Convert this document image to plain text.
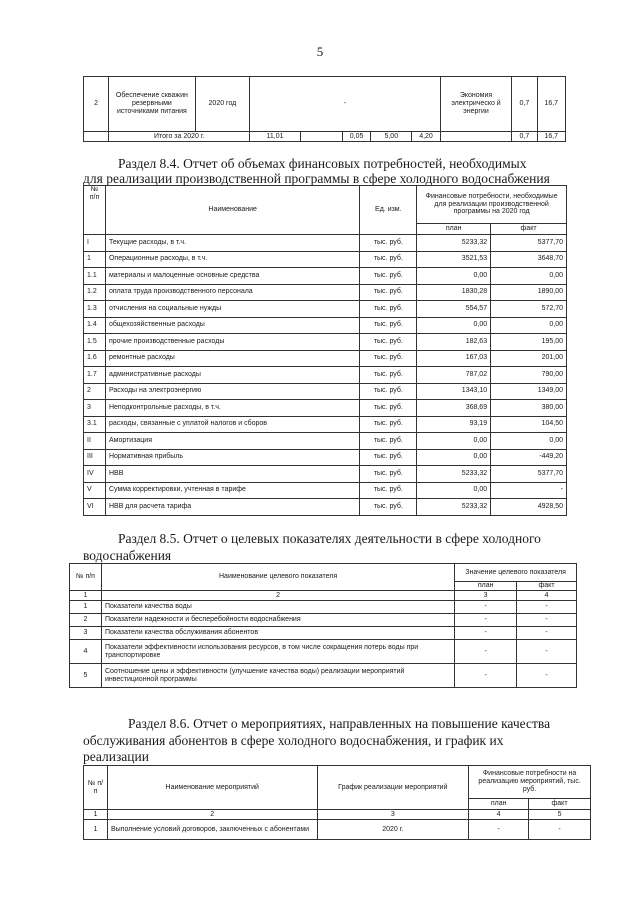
5
2	Обеспечение скважин резервными источниками питания	2020 год	-					Экономия электрическо й энергии	0,7	16,7
	Итого за 2020 г.		11,01		0,05	5,00	4,20		0,7	16,7
Раздел 8.4. Отчет об объемах финансовых потребностей, необходимых
для реализации производственной программы в сфере холодного водоснабжения
№ п/п	Наименование	Ед. изм.	Финансовые потребности, необходимые для реализации производственной программы на 2020 год	
			план	факт
I	Текущие расходы, в т.ч.	тыс. руб.	5233,32	5377,70
1	Операционные расходы, в т.ч.	тыс. руб.	3521,53	3648,70
1.1	материалы и малоценные основные средства	тыс. руб.	0,00	0,00
1.2	оплата труда производственного персонала	тыс. руб.	1830,28	1890,00
1.3	отчисления на социальные нужды	тыс. руб.	554,57	572,70
1.4	общехозяйственные расходы	тыс. руб.	0,00	0,00
1.5	прочие производственные расходы	тыс. руб.	182,63	195,00
1.6	ремонтные расходы	тыс. руб.	167,03	201,00
1.7	административные расходы	тыс. руб.	787,02	790,00
2	Расходы на электроэнергию	тыс. руб.	1343,10	1349,00
3	Неподконтрольные расходы, в т.ч.	тыс. руб.	368,69	380,00
3.1	расходы, связанные с уплатой налогов и сборов	тыс. руб.	93,19	104,50
II	Амортизация	тыс. руб.	0,00	0,00
III	Нормативная прибыль	тыс. руб.	0,00	-449,20
IV	НВВ	тыс. руб.	5233,32	5377,70
V	Сумма корректировки, учтенная в тарифе	тыс. руб.	0,00	-
VI	НВВ для расчета тарифа	тыс. руб.	5233,32	4928,50
Раздел 8.5. Отчет о целевых показателях деятельности в сфере холодного
водоснабжения
№ п/п	Наименование целевого показателя	Значение целевого показателя	
		план	факт
1	2	3	4
1	Показатели качества воды	-	-
2	Показатели надежности и бесперебойности водоснабжения	-	-
3	Показатели качества обслуживания абонентов	-	-
4	Показатели эффективности использования ресурсов, в том числе сокращения потерь воды при транспортировке	-	-
5	Соотношение цены и эффективности (улучшение качества воды) реализации мероприятий инвестиционной программы	-	-
Раздел 8.6. Отчет о мероприятиях, направленных на повышение качества
обслуживания абонентов в сфере холодного водоснабжения, и график их
реализации
№ п/п	Наименование мероприятий	График реализации мероприятий	Финансовые потребности на реализацию мероприятий, тыс. руб.	
			план	факт
1	2	3	4	5
1	Выполнение условий договоров, заключенных с абонентами	2020 г.	-	-
